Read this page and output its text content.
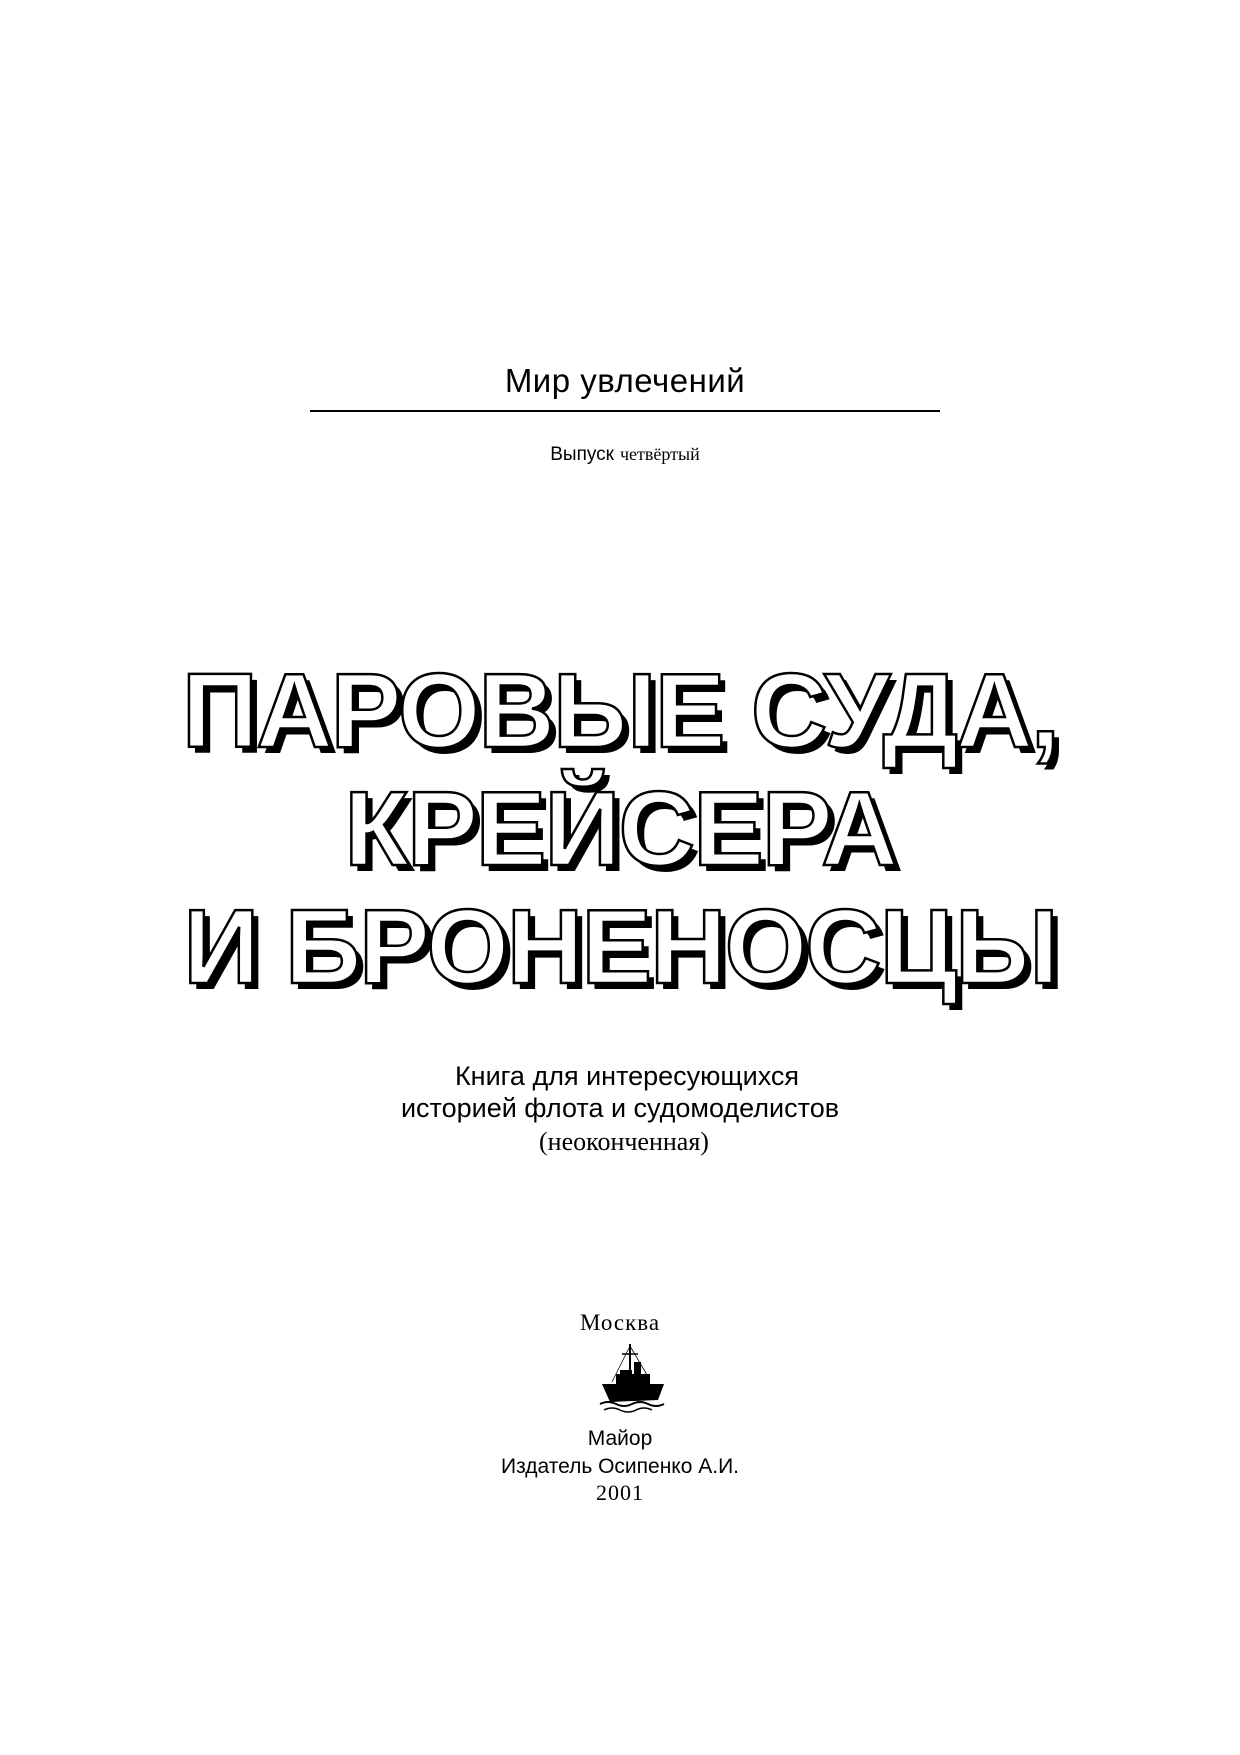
Мир увлечений
Выпуск четвёртый
ПАРОВЫЕ СУДА,
КРЕЙСЕРА
И БРОНЕНОСЦЫ
Книга для интересующихся
историей флота и судомоделистов
(неоконченная)
Москва
Майор
Издатель Осипенко А.И.
2001
